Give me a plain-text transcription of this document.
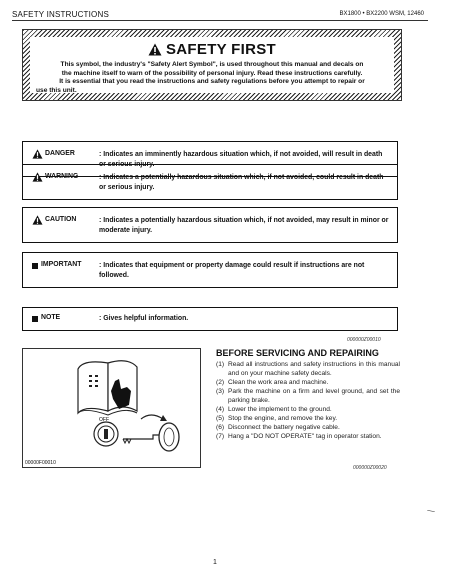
SAFETY INSTRUCTIONS	BX1800 • BX2200 WSM, 12460
SAFETY FIRST
This symbol, the industry's "Safety Alert Symbol", is used throughout this manual and decals on
the machine itself to warn of the possibility of personal injury. Read these instructions carefully.
It is essential that you read the instructions and safety regulations before you attempt to repair or
use this unit.
DANGER	: Indicates an imminently hazardous situation which, if not avoided, will result in death or serious injury.
WARNING	: Indicates a potentially hazardous situation which, if not avoided, could result in death or serious injury.
CAUTION	: Indicates a potentially hazardous situation which, if not avoided, may result in minor or moderate injury.
IMPORTANT	: Indicates that equipment or property damage could result if instructions are not followed.
NOTE	: Gives helpful information.
000000Z00010
OFF
00000F00010
BEFORE SERVICING AND REPAIRING
(1) Read all instructions and safety instructions in this manual and on your machine safety decals.
(2) Clean the work area and machine.
(3) Park the machine on a firm and level ground, and set the parking brake.
(4) Lower the implement to the ground.
(5) Stop the engine, and remove the key.
(6) Disconnect the battery negative cable.
(7) Hang a "DO NOT OPERATE" tag in operator station.
000000Z00020
1
